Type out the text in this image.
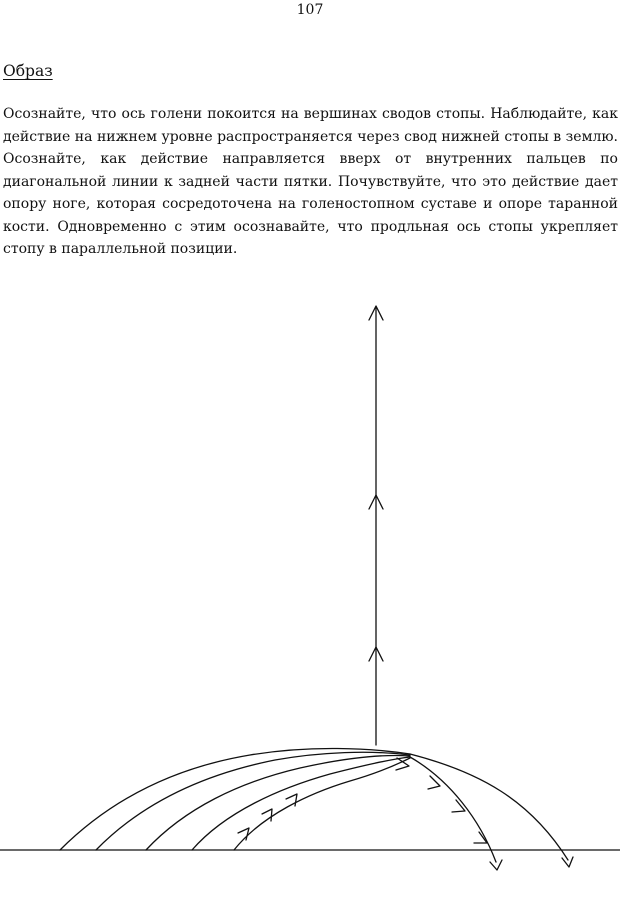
107
Образ

Осознайте, что ось голени покоится на вершинах сводов стопы. Наблюдайте, как действие на нижнем уровне распространяется через свод нижней стопы в землю. Осознайте, как действие направляется вверх от внутренних пальцев по диагональной линии к задней части пятки. Почувствуйте, что это действие дает опору ноге, которая сосредоточена на голеностопном суставе и опоре таранной кости. Одновременно с этим осознавайте, что продльная ось стопы укрепляет стопу в параллельной позиции.
